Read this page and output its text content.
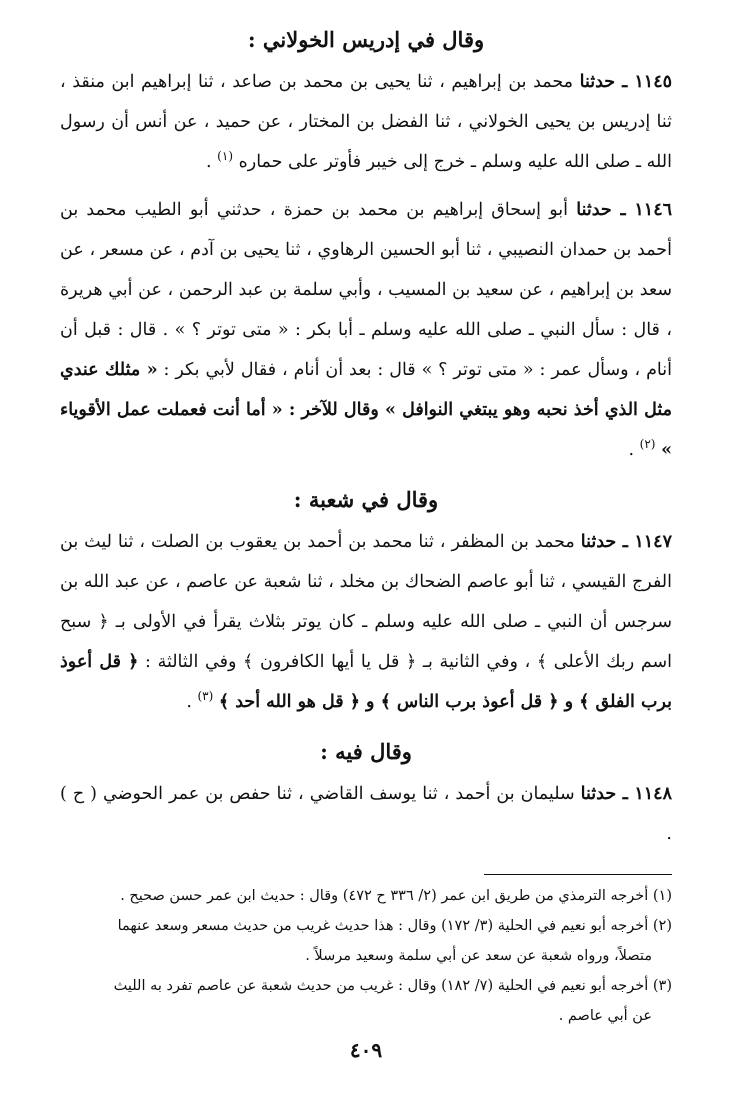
وقال في إدريس الخولاني :

١١٤٥ ـ حدثنا محمد بن إبراهيم ، ثنا يحيى بن محمد بن صاعد ، ثنا إبراهيم ابن منقذ ، ثنا إدريس بن يحيى الخولاني ، ثنا الفضل بن المختار ، عن حميد ، عن أنس أن رسول الله ـ صلى الله عليه وسلم ـ خرج إلى خيبر فأوتر على حماره $^{(١)}$ .

١١٤٦ ـ حدثنا أبو إسحاق إبراهيم بن محمد بن حمزة ، حدثني أبو الطيب محمد بن أحمد بن حمدان النصيبي ، ثنا أبو الحسين الرهاوي ، ثنا يحيى بن آدم ، عن مسعر ، عن سعد بن إبراهيم ، عن سعيد بن المسيب ، وأبي سلمة بن عبد الرحمن ، عن أبي هريرة ، قال : سأل النبي ـ صلى الله عليه وسلم ـ أبا بكر : « متى توتر ؟ » . قال : قبل أن أنام ، وسأل عمر : « متى توتر ؟ » قال : بعد أن أنام ، فقال لأبي بكر : « مثلك عندي مثل الذي أخذ نحبه وهو يبتغي النوافل » وقال للآخر : « أما أنت فعملت عمل الأقوياء » $^{(٢)}$ .

وقال في شعبة :

١١٤٧ ـ حدثنا محمد بن المظفر ، ثنا محمد بن أحمد بن يعقوب بن الصلت ، ثنا ليث بن الفرج القيسي ، ثنا أبو عاصم الضحاك بن مخلد ، ثنا شعبة عن عاصم ، عن عبد الله بن سرجس أن النبي ـ صلى الله عليه وسلم ـ كان يوتر بثلاث يقرأ في الأولى بـ ﴿ سبح اسم ربك الأعلى ﴾ ، وفي الثانية بـ ﴿ قل يا أيها الكافرون ﴾ وفي الثالثة : ﴿ قل أعوذ برب الفلق ﴾ و ﴿ قل أعوذ برب الناس ﴾ و ﴿ قل هو الله أحد ﴾ $^{(٣)}$ .

وقال فيه :

١١٤٨ ـ حدثنا سليمان بن أحمد ، ثنا يوسف القاضي ، ثنا حفص بن عمر الحوضي ( ح ) .

(١) أخرجه الترمذي من طريق ابن عمر (٢/ ٣٣٦ ح ٤٧٢) وقال : حديث ابن عمر حسن صحيح .

(٢) أخرجه أبو نعيم في الحلية (٣/ ١٧٢) وقال : هذا حديث غريب من حديث مسعر وسعد عنهما

متصلاً، ورواه شعبة عن سعد عن أبي سلمة وسعيد مرسلاً .

(٣) أخرجه أبو نعيم في الحلية (٧/ ١٨٢) وقال : غريب من حديث شعبة عن عاصم تفرد به الليث

عن أبي عاصم .

٤٠٩
